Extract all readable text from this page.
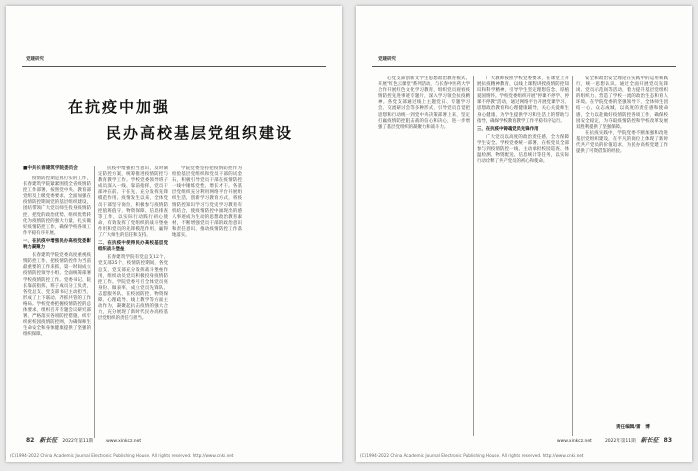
党建研究
在抗疫中加强
民办高校基层党组织建设
■中共长春建筑学院委员会

疫情防控期是真打实的工作，长春建筑学院紧紧围绕全省疫情防控工作部署，按照党中央、教育部党组及上级党委要求，全面加强在疫情防控期间党的基层组织建设，团结带领广大党员师生投身疫情防控，把党的政治优势、组织优势转化为疫情防控的强大力量，扎实做好疫情防控工作，确保学校各项工作平稳有序开展。

一、在抗疫中增强民办高校党委影响力凝聚力

长春建筑学院党委高度重视疫情防控工作，把疫情防控作为当前最重要的工作来抓，第一时间成立疫情防控领导小组，全面统筹部署学校疫情防控工作。党委书记、院长靠前指挥，班子成员分工负责，各党总支、党支部书记主动担当，形成了上下联动、齐抓共管的工作格局。学校党委把握疫情防控的总体要求，组织召开专题会议研究部署，严格落实各项防控措施，织牢织密校园疫情防控网，为确保师生生命安全和身体健康提供了坚强的组织保障。

抗疫中增强担当意识，及时制定防控方案，统筹推进疫情防控与教育教学工作。学校党委领导班子成员深入一线、靠前指挥，党员干部冲在前、干在先，充分发挥先锋模范作用。疫情发生以来，全体党员干部坚守岗位，积极参与疫情防控值班值守、物资保障、信息排查等工作，以实际行动践行初心使命，有效发挥了党组织的战斗堡垒作用和党员的先锋模范作用，赢得了广大师生的信任和支持。

二、在抗疫中使得民办高校基层党组织战斗堡垒

长春建筑学院有党总支12个，党支部35个，疫情防控期间，各党总支、党支部充分发挥战斗堡垒作用，组织动员党员积极投身疫情防控工作。学院党委号召全体党员亮身份、做表率，成立党员先锋队、志愿服务队，在校园防控、物资保障、心理疏导、线上教学等方面主动作为，凝聚起抗击疫情的强大合力，充分展现了新时代民办高校基层党组织的责任与担当。

学院党委坚持把疫情防控作为检验基层党组织和党员干部的试金石，积极引导党员干部在疫情防控一线中锤炼党性、增长才干。各基层党组织充分利用网络平台开展组织生活，创新学习教育方式，将疫情防控知识学习与党史学习教育有机结合，使疫情防控中涌现出的感人事迹成为生动的思想政治教育素材，不断增强党员干部的政治意识和责任意识，推动疫情防控工作落地落实。

82 新长征 2022年第11期	www.xinkcz.net
(C)1994-2022 China Academic Journal Electronic Publishing House. All rights reserved. http://www.cnki.net
党建研究

心党支部创新文学生思想政治教育模式，开展"红色云课堂"系列活动，与长春中医药大学合作开展红色文化学习教育，组织党员观看疫情防控先进事迹专题片，深入学习领会抗疫精神。各党支部通过线上主题党日、专题学习会、交流研讨会等多种形式，引导党员自觉把思想和行动统一到党中央决策部署上来，坚定打赢疫情防控阻击战的信心和决心，进一步增强了基层党组织的凝聚力和战斗力。

广大教师按照学校党委要求，在课堂上开展抗疫精神教育，以线上课程讲授疫情防控知识和科学精神，引导学生坚定理想信念、厚植爱国情怀。学校党委组织开展"停课不停学、停课不停教"活动，通过网络平台开展党课学习、思想政治教育和心理健康辅导，关心关爱师生身心健康，为学生提供学习和生活上的帮助与指导，确保学校教育教学工作平稳有序运行。

三、在抗疫中铸魂党员先锋作用

广大党员以高度的政治责任感，全力保障学生安全。学校党委统一部署，在校党员全部参与到疫情防控一线，主动承担校园巡查、体温检测、物资配送、信息统计等任务，以实际行动诠释了共产党员的初心和使命。

安全和政治安全理论在实践中的运用和践行，统一思想认识。通过全面开展党员先锋岗、党员示范岗等活动，着力提升基层党组织的组织力，营造了学校一流的政治生态和育人环境。在学院党委的坚强领导下，全体师生团结一心、众志成城，以高度的责任感和使命感，全力以赴做好疫情防控各项工作，确保校园安全稳定，为夺取疫情防控和学校改革发展双胜利提供了坚强保障。

在抗疫实践中，学院党委不断加强和改进基层党组织建设，在平凡的岗位上体现了新时代共产党员的价值追求，为民办高校党建工作提供了可资借鉴的经验。

责任编辑/雷　博
www.xinkcz.net	2022年第11期 新长征 83
(C)1994-2022 China Academic Journal Electronic Publishing House. All rights reserved. http://www.cnki.net
